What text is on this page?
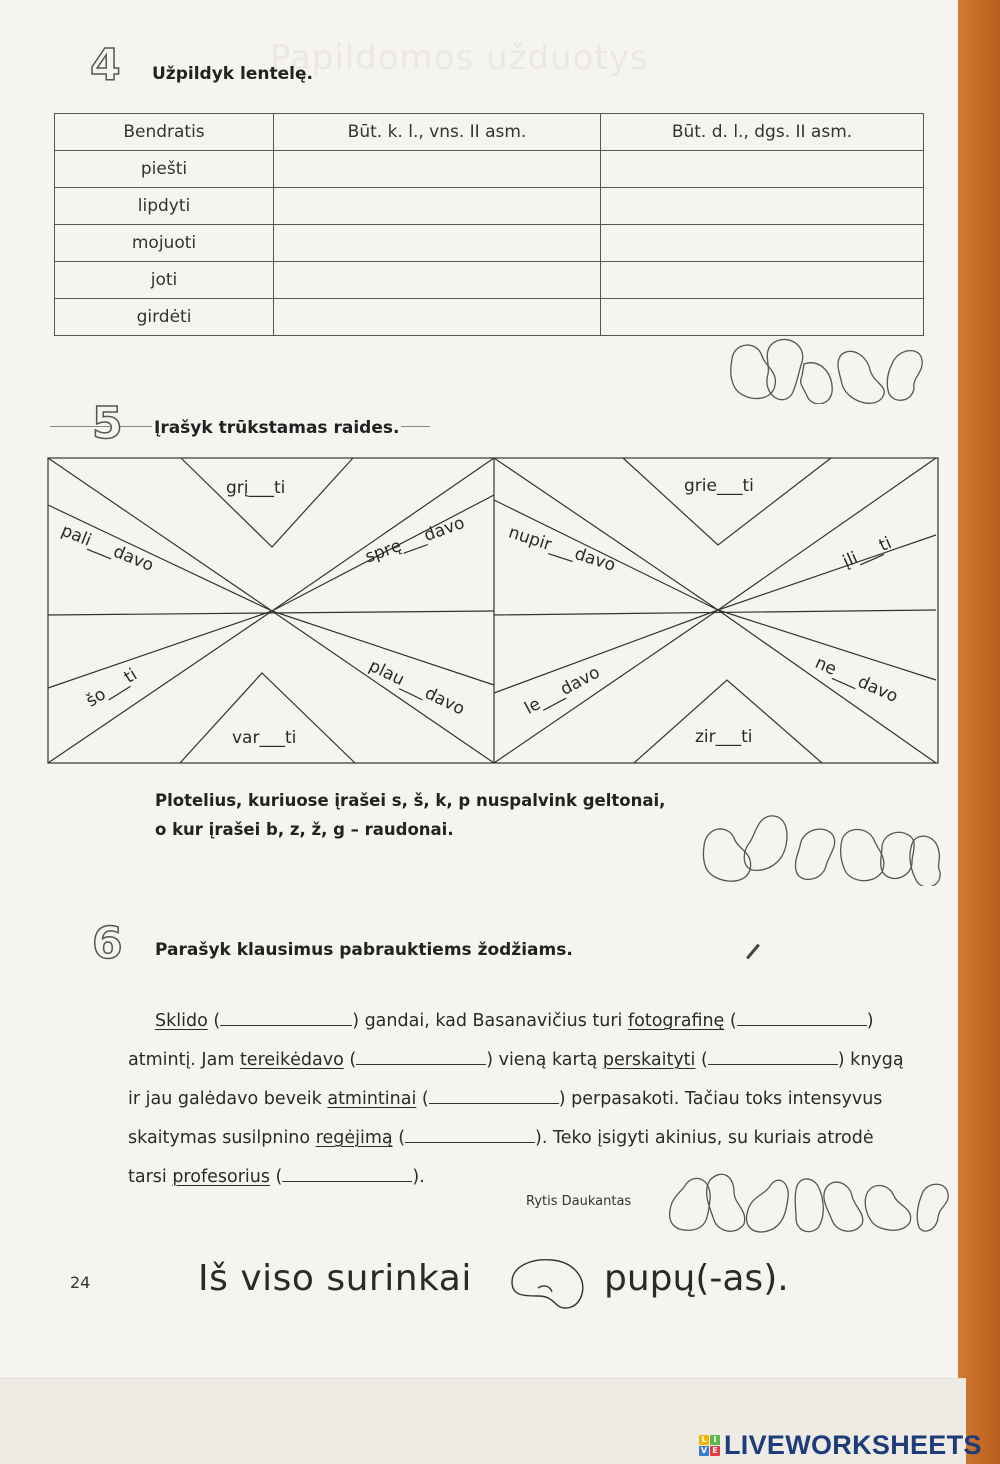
Papildomos užduotys
4 Užpildyk lentelę.
Bendratis	Būt. k. l., vns. II asm.	Būt. d. l., dgs. II asm.
piešti		
lipdyti		
mojuoti		
joti		
girdėti		
5 Įrašyk trūkstamas raides.
grį___ti
pali___davo	sprę___davo
šo___ti	plau___davo
var___ti
grie___ti
nupir___davo	įli___ti
le___davo	ne___davo
zir___ti
Plotelius, kuriuose įrašei s, š, k, p nuspalvink geltonai,
o kur įrašei b, z, ž, g – raudonai.
6 Parašyk klausimus pabrauktiems žodžiams.
Sklido (	) gandai, kad Basanavičius turi fotografinę (	)
atmintį. Jam tereikėdavo (	) vieną kartą perskaityti (	) knygą
ir jau galėdavo beveik atmintinai (	) perpasakoti. Tačiau toks intensyvus
skaitymas susilpnino regėjimą (	). Teko įsigyti akinius, su kuriais atrodė
tarsi profesorius (	).
Rytis Daukantas
24	Iš viso surinkai	pupų(-as).
L I
V E LIVEWORKSHEETS
